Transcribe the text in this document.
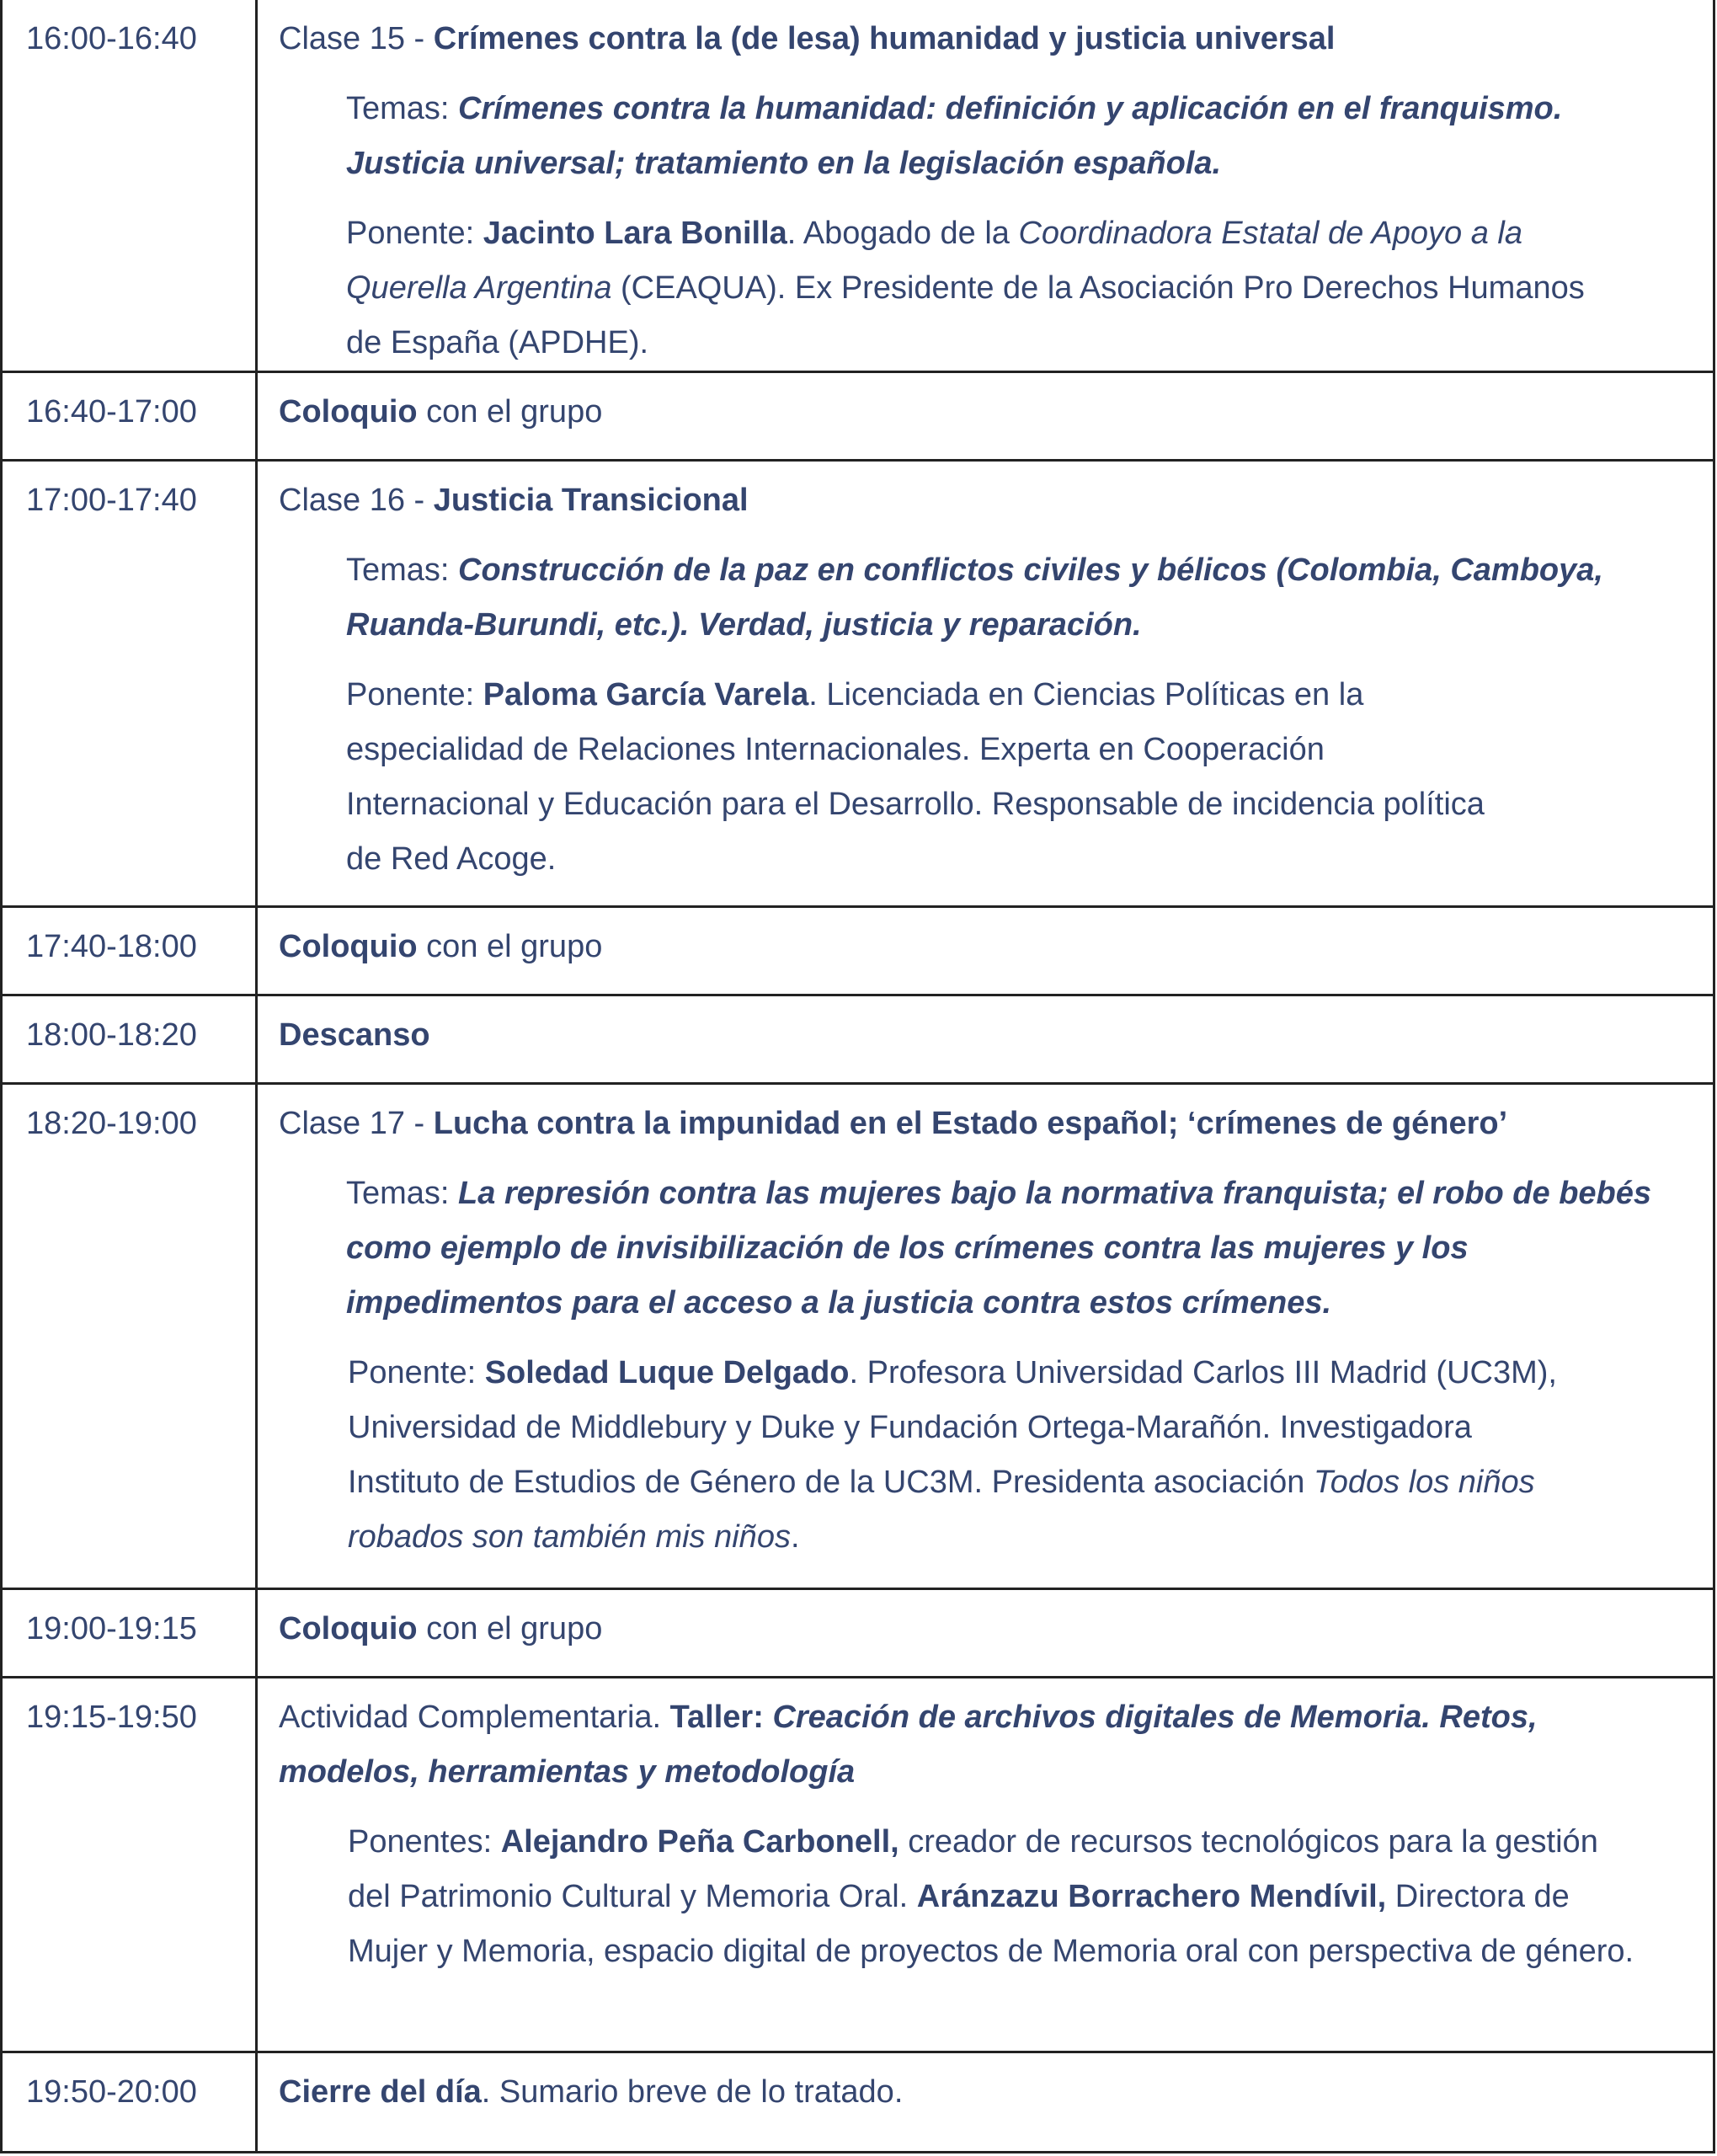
16:00-16:40	Clase 15 - Crímenes contra la (de lesa) humanidad y justicia universal

Temas: Crímenes contra la humanidad: definición y aplicación en el franquismo. Justicia universal; tratamiento en la legislación española.

Ponente: Jacinto Lara Bonilla. Abogado de la Coordinadora Estatal de Apoyo a la Querella Argentina (CEAQUA). Ex Presidente de la Asociación Pro Derechos Humanos de España (APDHE).

16:40-17:00	Coloquio con el grupo

17:00-17:40	Clase 16 - Justicia Transicional

Temas: Construcción de la paz en conflictos civiles y bélicos (Colombia, Camboya, Ruanda-Burundi, etc.). Verdad, justicia y reparación.

Ponente: Paloma García Varela. Licenciada en Ciencias Políticas en la especialidad de Relaciones Internacionales. Experta en Cooperación Internacional y Educación para el Desarrollo. Responsable de incidencia política de Red Acoge.

17:40-18:00	Coloquio con el grupo

18:00-18:20	Descanso

18:20-19:00	Clase 17 - Lucha contra la impunidad en el Estado español; ‘crímenes de género’

Temas: La represión contra las mujeres bajo la normativa franquista; el robo de bebés como ejemplo de invisibilización de los crímenes contra las mujeres y los impedimentos para el acceso a la justicia contra estos crímenes.

Ponente: Soledad Luque Delgado. Profesora Universidad Carlos III Madrid (UC3M), Universidad de Middlebury y Duke y Fundación Ortega-Marañón. Investigadora Instituto de Estudios de Género de la UC3M. Presidenta asociación Todos los niños robados son también mis niños.

19:00-19:15	Coloquio con el grupo

19:15-19:50	Actividad Complementaria. Taller: Creación de archivos digitales de Memoria. Retos, modelos, herramientas y metodología

Ponentes: Alejandro Peña Carbonell, creador de recursos tecnológicos para la gestión del Patrimonio Cultural y Memoria Oral. Aránzazu Borrachero Mendívil, Directora de Mujer y Memoria, espacio digital de proyectos de Memoria oral con perspectiva de género.

19:50-20:00	Cierre del día. Sumario breve de lo tratado.
